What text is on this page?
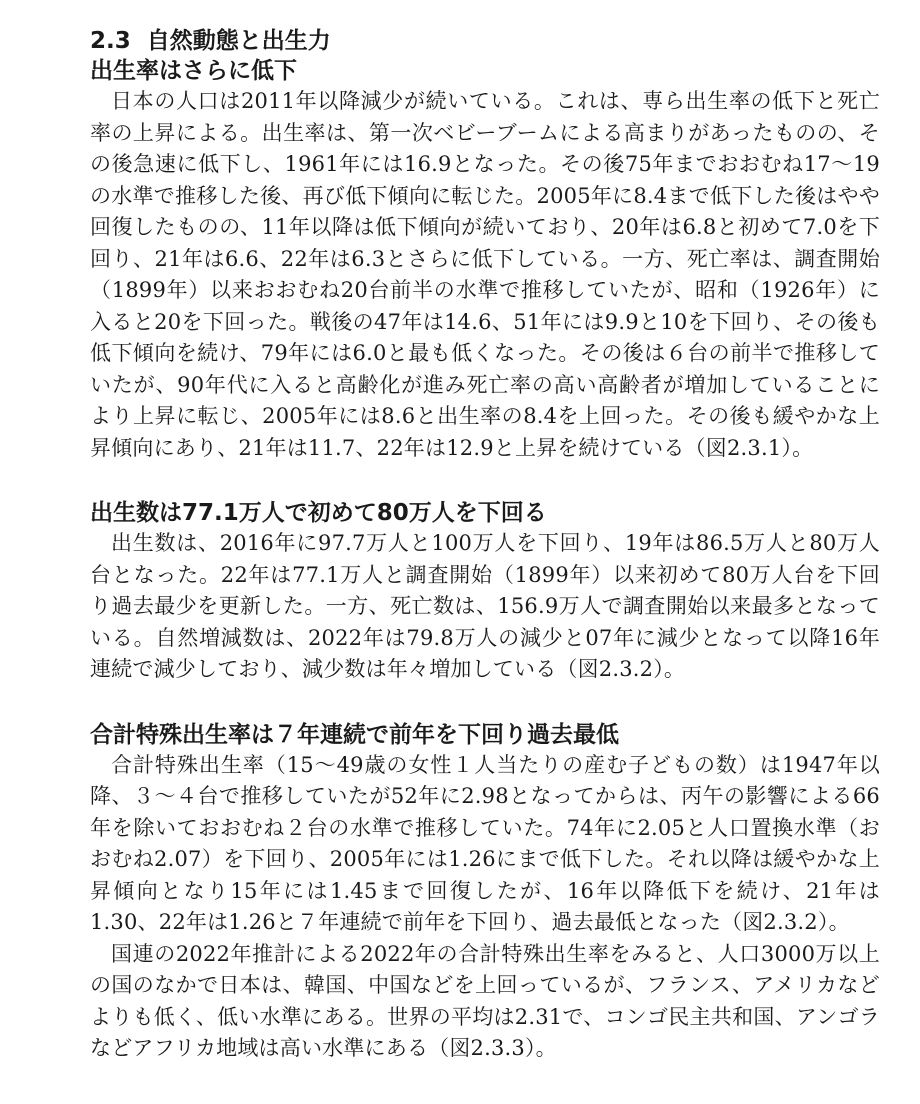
2.3 自然動態と出生力
出生率はさらに低下

日本の人口は2011年以降減少が続いている。これは、専ら出生率の低下と死亡率の上昇による。出生率は、第一次ベビーブームによる高まりがあったものの、その後急速に低下し、1961年には16.9となった。その後75年までおおむね17〜19の水準で推移した後、再び低下傾向に転じた。2005年に8.4まで低下した後はやや回復したものの、11年以降は低下傾向が続いており、20年は6.8と初めて7.0を下回り、21年は6.6、22年は6.3とさらに低下している。一方、死亡率は、調査開始（1899年）以来おおむね20台前半の水準で推移していたが、昭和（1926年）に入ると20を下回った。戦後の47年は14.6、51年には9.9と10を下回り、その後も低下傾向を続け、79年には6.0と最も低くなった。その後は６台の前半で推移していたが、90年代に入ると高齢化が進み死亡率の高い高齢者が増加していることにより上昇に転じ、2005年には8.6と出生率の8.4を上回った。その後も緩やかな上昇傾向にあり、21年は11.7、22年は12.9と上昇を続けている（図2.3.1）。

出生数は77.1万人で初めて80万人を下回る

出生数は、2016年に97.7万人と100万人を下回り、19年は86.5万人と80万人台となった。22年は77.1万人と調査開始（1899年）以来初めて80万人台を下回り過去最少を更新した。一方、死亡数は、156.9万人で調査開始以来最多となっている。自然増減数は、2022年は79.8万人の減少と07年に減少となって以降16年連続で減少しており、減少数は年々増加している（図2.3.2）。

合計特殊出生率は７年連続で前年を下回り過去最低

合計特殊出生率（15〜49歳の女性１人当たりの産む子どもの数）は1947年以降、３〜４台で推移していたが52年に2.98となってからは、丙午の影響による66年を除いておおむね２台の水準で推移していた。74年に2.05と人口置換水準（おおむね2.07）を下回り、2005年には1.26にまで低下した。それ以降は緩やかな上昇傾向となり15年には1.45まで回復したが、16年以降低下を続け、21年は1.30、22年は1.26と７年連続で前年を下回り、過去最低となった（図2.3.2）。

国連の2022年推計による2022年の合計特殊出生率をみると、人口3000万以上の国のなかで日本は、韓国、中国などを上回っているが、フランス、アメリカなどよりも低く、低い水準にある。世界の平均は2.31で、コンゴ民主共和国、アンゴラなどアフリカ地域は高い水準にある（図2.3.3）。
